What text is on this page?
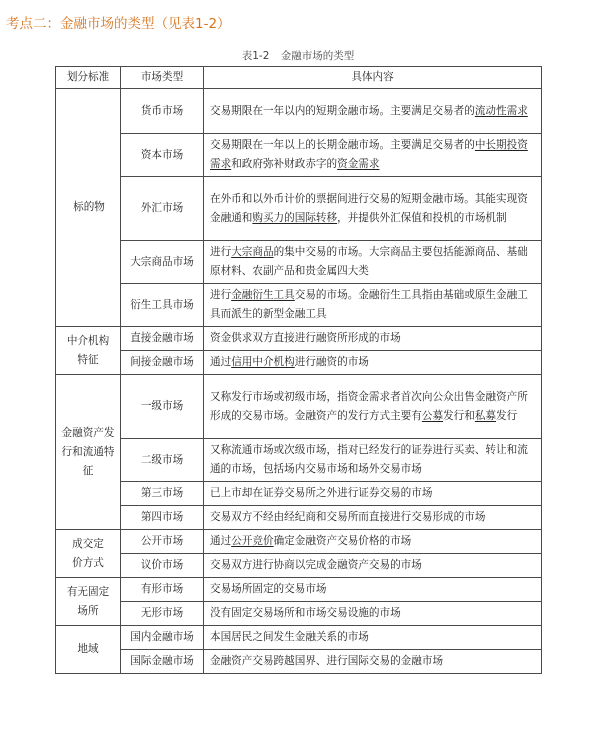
考点二：金融市场的类型（见表1-2）
表1-2 金融市场的类型
划分标准	市场类型	具体内容

标的物	货币市场	交易期限在一年以内的短期金融市场。主要满足交易者的流动性需求
	资本市场	交易期限在一年以上的长期金融市场。主要满足交易者的中长期投资需求和政府弥补财政赤字的资金需求
	外汇市场	在外币和以外币计价的票据间进行交易的短期金融市场。其能实现资金融通和购买力的国际转移，并提供外汇保值和投机的市场机制
	大宗商品市场	进行大宗商品的集中交易的市场。大宗商品主要包括能源商品、基础原材料、农副产品和贵金属四大类
	衍生工具市场	进行金融衍生工具交易的市场。金融衍生工具指由基础或原生金融工具而派生的新型金融工具

中介机构特征	直接金融市场	资金供求双方直接进行融资所形成的市场
	间接金融市场	通过信用中介机构进行融资的市场

金融资产发行和流通特征	一级市场	又称发行市场或初级市场，指资金需求者首次向公众出售金融资产所形成的交易市场。金融资产的发行方式主要有公募发行和私募发行
	二级市场	又称流通市场或次级市场，指对已经发行的证券进行买卖、转让和流通的市场，包括场内交易市场和场外交易市场
	第三市场	已上市却在证券交易所之外进行证券交易的市场
	第四市场	交易双方不经由经纪商和交易所而直接进行交易形成的市场

成交定价方式	公开市场	通过公开竞价确定金融资产交易价格的市场
	议价市场	交易双方进行协商以完成金融资产交易的市场

有无固定场所	有形市场	交易场所固定的交易市场
	无形市场	没有固定交易场所和市场交易设施的市场

地域	国内金融市场	本国居民之间发生金融关系的市场
	国际金融市场	金融资产交易跨越国界、进行国际交易的金融市场
